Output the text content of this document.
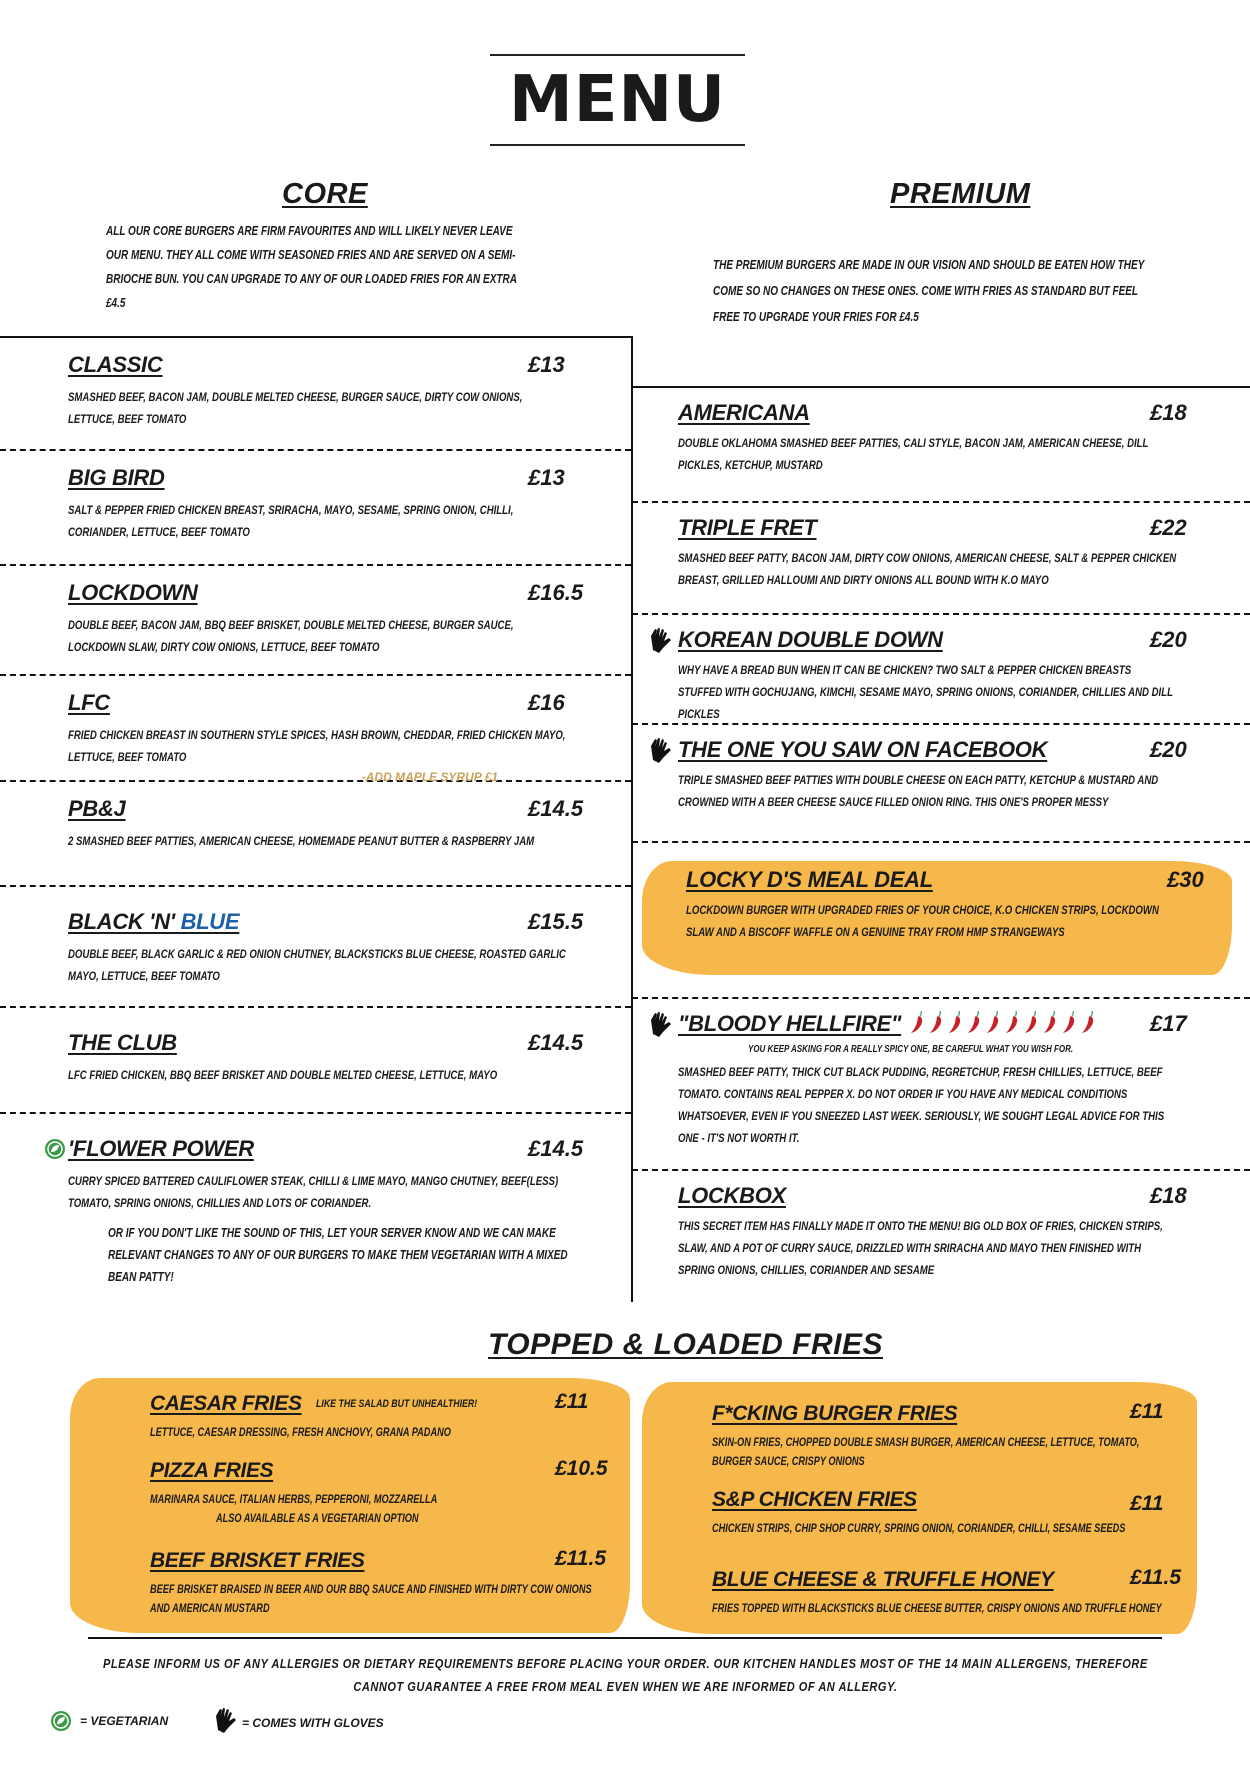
MENU
CORE
ALL OUR CORE BURGERS ARE FIRM FAVOURITES AND WILL LIKELY NEVER LEAVE OUR MENU. THEY ALL COME WITH SEASONED FRIES AND ARE SERVED ON A SEMI-BRIOCHE BUN. YOU CAN UPGRADE TO ANY OF OUR LOADED FRIES FOR AN EXTRA £4.5
PREMIUM
THE PREMIUM BURGERS ARE MADE IN OUR VISION AND SHOULD BE EATEN HOW THEY COME SO NO CHANGES ON THESE ONES. COME WITH FRIES AS STANDARD BUT FEEL FREE TO UPGRADE YOUR FRIES FOR £4.5
£13
CLASSIC
SMASHED BEEF, BACON JAM, DOUBLE MELTED CHEESE, BURGER SAUCE, DIRTY COW ONIONS, LETTUCE, BEEF TOMATO
£13
BIG BIRD
SALT & PEPPER FRIED CHICKEN BREAST, SRIRACHA, MAYO, SESAME, SPRING ONION, CHILLI, CORIANDER, LETTUCE, BEEF TOMATO
£16.5
LOCKDOWN
DOUBLE BEEF, BACON JAM, BBQ BEEF BRISKET, DOUBLE MELTED CHEESE, BURGER SAUCE, LOCKDOWN SLAW, DIRTY COW ONIONS, LETTUCE, BEEF TOMATO
£16
LFC
FRIED CHICKEN BREAST IN SOUTHERN STYLE SPICES, HASH BROWN, CHEDDAR, FRIED CHICKEN MAYO, LETTUCE, BEEF TOMATO
-ADD MAPLE SYRUP £1
£14.5
PB&J
2 SMASHED BEEF PATTIES, AMERICAN CHEESE, HOMEMADE PEANUT BUTTER & RASPBERRY JAM
£15.5
BLACK 'N' BLUE
DOUBLE BEEF, BLACK GARLIC & RED ONION CHUTNEY, BLACKSTICKS BLUE CHEESE, ROASTED GARLIC MAYO, LETTUCE, BEEF TOMATO
£14.5
THE CLUB
LFC FRIED CHICKEN, BBQ BEEF BRISKET AND DOUBLE MELTED CHEESE, LETTUCE, MAYO
£14.5
'FLOWER POWER
CURRY SPICED BATTERED CAULIFLOWER STEAK, CHILLI & LIME MAYO, MANGO CHUTNEY, BEEF(LESS) TOMATO, SPRING ONIONS, CHILLIES AND LOTS OF CORIANDER.
OR IF YOU DON'T LIKE THE SOUND OF THIS, LET YOUR SERVER KNOW AND WE CAN MAKE RELEVANT CHANGES TO ANY OF OUR BURGERS TO MAKE THEM VEGETARIAN WITH A MIXED BEAN PATTY!
£18
AMERICANA
DOUBLE OKLAHOMA SMASHED BEEF PATTIES, CALI STYLE, BACON JAM, AMERICAN CHEESE, DILL PICKLES, KETCHUP, MUSTARD
£22
TRIPLE FRET
SMASHED BEEF PATTY, BACON JAM, DIRTY COW ONIONS, AMERICAN CHEESE, SALT & PEPPER CHICKEN BREAST, GRILLED HALLOUMI AND DIRTY ONIONS ALL BOUND WITH K.O MAYO
£20
KOREAN DOUBLE DOWN
WHY HAVE A BREAD BUN WHEN IT CAN BE CHICKEN? TWO SALT & PEPPER CHICKEN BREASTS STUFFED WITH GOCHUJANG, KIMCHI, SESAME MAYO, SPRING ONIONS, CORIANDER, CHILLIES AND DILL PICKLES
£20
THE ONE YOU SAW ON FACEBOOK
TRIPLE SMASHED BEEF PATTIES WITH DOUBLE CHEESE ON EACH PATTY, KETCHUP & MUSTARD AND CROWNED WITH A BEER CHEESE SAUCE FILLED ONION RING. THIS ONE'S PROPER MESSY
£30
LOCKY D'S MEAL DEAL
LOCKDOWN BURGER WITH UPGRADED FRIES OF YOUR CHOICE, K.O CHICKEN STRIPS, LOCKDOWN SLAW AND A BISCOFF WAFFLE ON A GENUINE TRAY FROM HMP STRANGEWAYS
£17
"BLOODY HELLFIRE"
YOU KEEP ASKING FOR A REALLY SPICY ONE, BE CAREFUL WHAT YOU WISH FOR.
SMASHED BEEF PATTY, THICK CUT BLACK PUDDING, REGRETCHUP, FRESH CHILLIES, LETTUCE, BEEF TOMATO. CONTAINS REAL PEPPER X. DO NOT ORDER IF YOU HAVE ANY MEDICAL CONDITIONS WHATSOEVER, EVEN IF YOU SNEEZED LAST WEEK. SERIOUSLY, WE SOUGHT LEGAL ADVICE FOR THIS ONE - IT'S NOT WORTH IT.
£18
LOCKBOX
THIS SECRET ITEM HAS FINALLY MADE IT ONTO THE MENU! BIG OLD BOX OF FRIES, CHICKEN STRIPS, SLAW, AND A POT OF CURRY SAUCE, DRIZZLED WITH SRIRACHA AND MAYO THEN FINISHED WITH SPRING ONIONS, CHILLIES, CORIANDER AND SESAME
TOPPED & LOADED FRIES
CAESAR FRIES LIKE THE SALAD BUT UNHEALTHIER!
LETTUCE, CAESAR DRESSING, FRESH ANCHOVY, GRANA PADANO
£11
PIZZA FRIES
MARINARA SAUCE, ITALIAN HERBS, PEPPERONI, MOZZARELLA
ALSO AVAILABLE AS A VEGETARIAN OPTION
£10.5
BEEF BRISKET FRIES
BEEF BRISKET BRAISED IN BEER AND OUR BBQ SAUCE AND FINISHED WITH DIRTY COW ONIONS AND AMERICAN MUSTARD
£11.5
F*CKING BURGER FRIES
SKIN-ON FRIES, CHOPPED DOUBLE SMASH BURGER, AMERICAN CHEESE, LETTUCE, TOMATO, BURGER SAUCE, CRISPY ONIONS
£11
S&P CHICKEN FRIES
CHICKEN STRIPS, CHIP SHOP CURRY, SPRING ONION, CORIANDER, CHILLI, SESAME SEEDS
£11
BLUE CHEESE & TRUFFLE HONEY
FRIES TOPPED WITH BLACKSTICKS BLUE CHEESE BUTTER, CRISPY ONIONS AND TRUFFLE HONEY
£11.5
PLEASE INFORM US OF ANY ALLERGIES OR DIETARY REQUIREMENTS BEFORE PLACING YOUR ORDER. OUR KITCHEN HANDLES MOST OF THE 14 MAIN ALLERGENS, THEREFORE CANNOT GUARANTEE A FREE FROM MEAL EVEN WHEN WE ARE INFORMED OF AN ALLERGY.
= VEGETARIAN	= COMES WITH GLOVES
